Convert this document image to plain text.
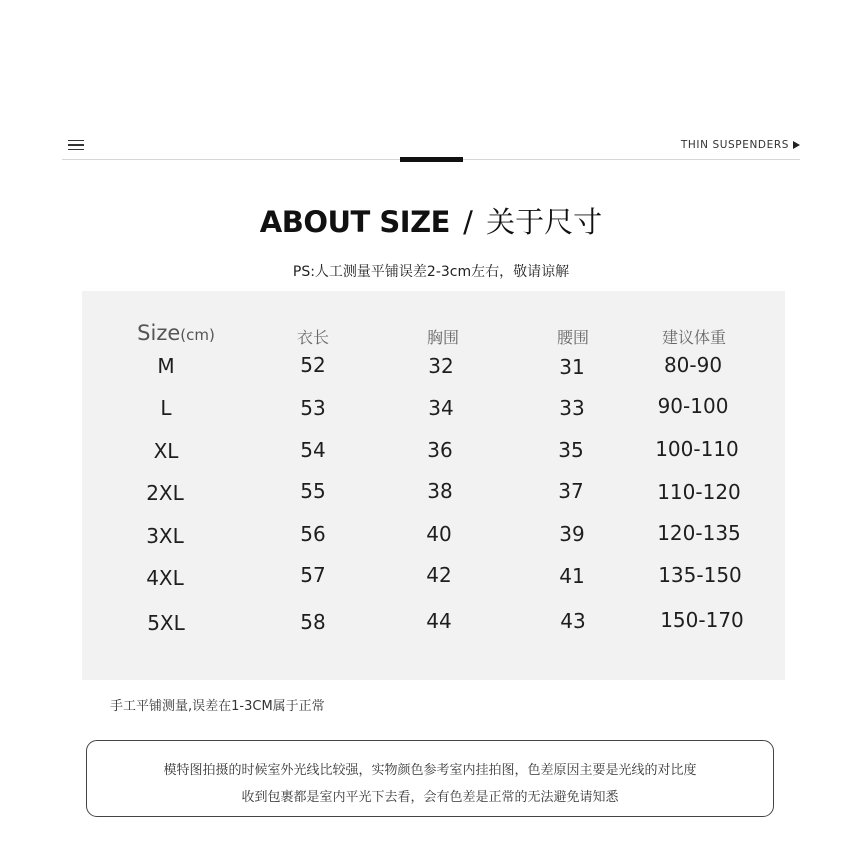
THIN SUSPENDERS
ABOUT SIZE / 关于尺寸
PS:人工测量平铺误差2-3cm左右，敬请谅解
Size(cm)	衣长	胸围	腰围	建议体重
M	52	32	31	80-90
L	53	34	33	90-100
XL	54	36	35	100-110
2XL	55	38	37	110-120
3XL	56	40	39	120-135
4XL	57	42	41	135-150
5XL	58	44	43	150-170
手工平铺测量,误差在1-3CM属于正常
模特图拍摄的时候室外光线比较强，实物颜色参考室内挂拍图，色差原因主要是光线的对比度
收到包裹都是室内平光下去看，会有色差是正常的无法避免请知悉
